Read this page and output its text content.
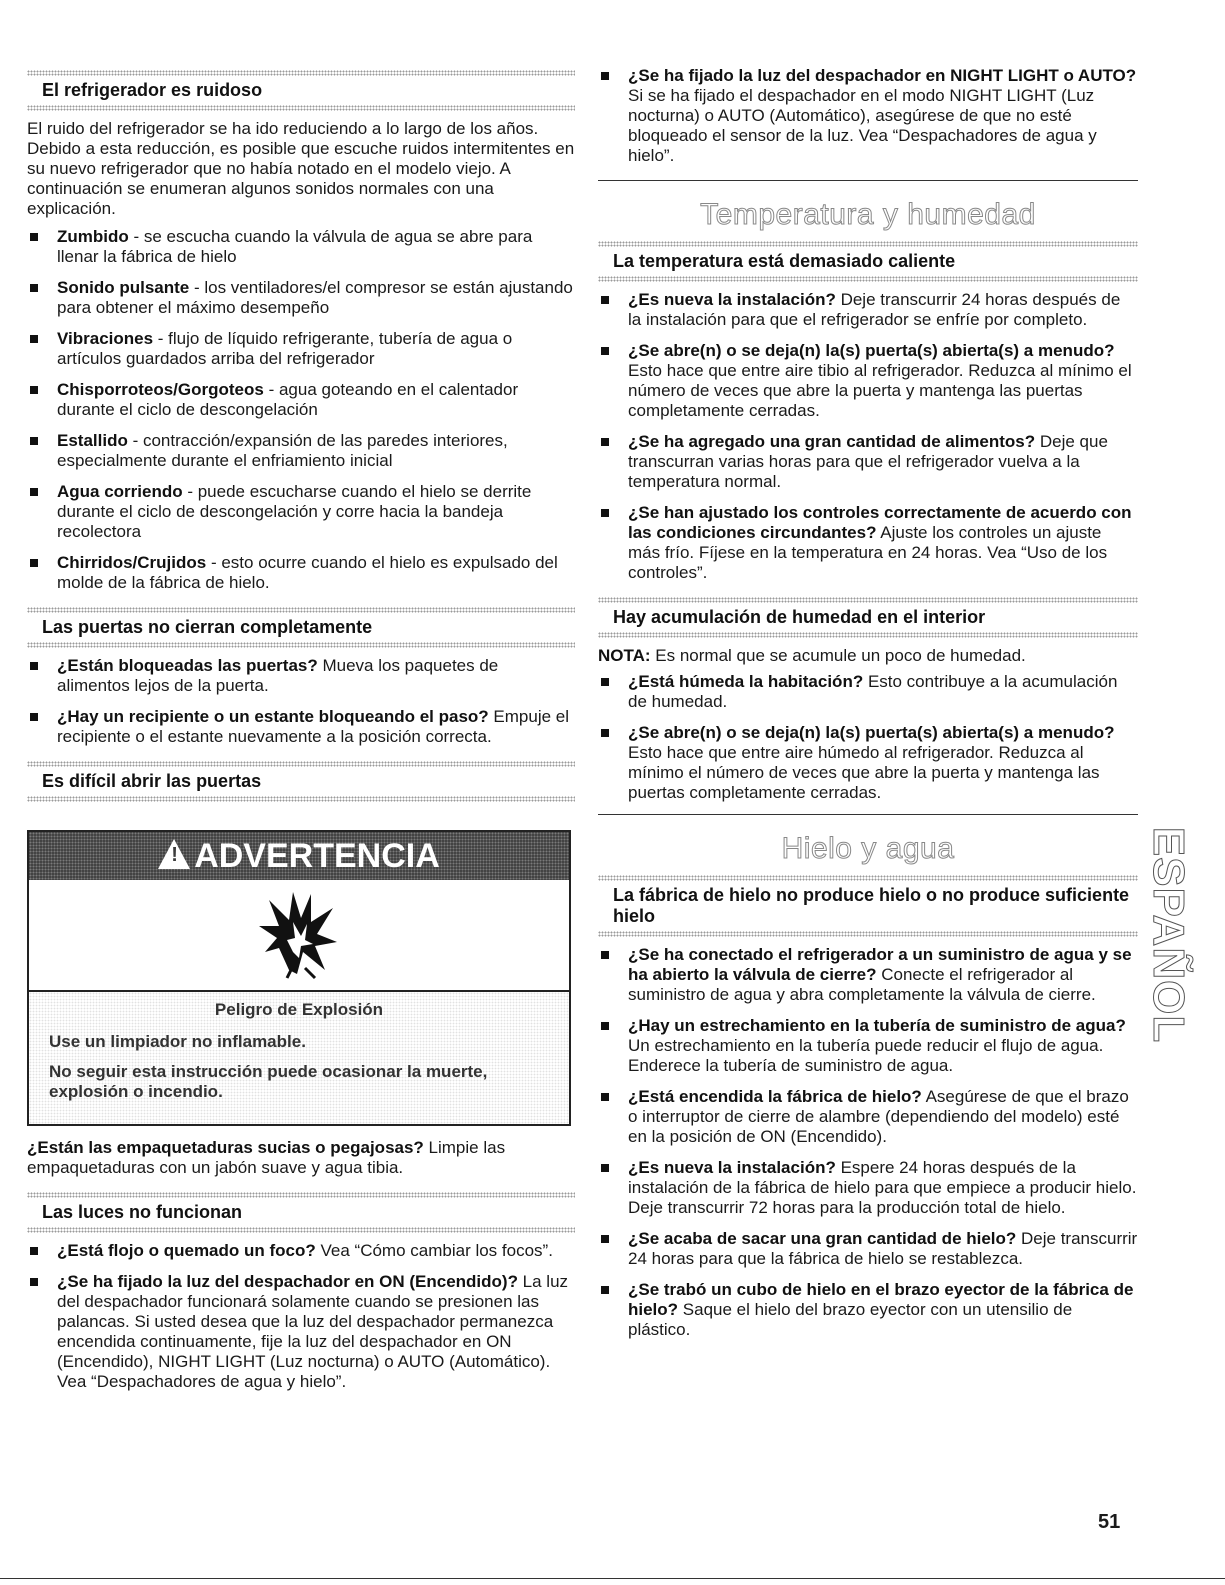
El refrigerador es ruidoso

El ruido del refrigerador se ha ido reduciendo a lo largo de los años. Debido a esta reducción, es posible que escuche ruidos intermitentes en su nuevo refrigerador que no había notado en el modelo viejo. A continuación se enumeran algunos sonidos normales con una explicación.

Zumbido - se escucha cuando la válvula de agua se abre para llenar la fábrica de hielo
Sonido pulsante - los ventiladores/el compresor se están ajustando para obtener el máximo desempeño
Vibraciones - flujo de líquido refrigerante, tubería de agua o artículos guardados arriba del refrigerador
Chisporroteos/Gorgoteos - agua goteando en el calentador durante el ciclo de descongelación
Estallido - contracción/expansión de las paredes interiores, especialmente durante el enfriamiento inicial
Agua corriendo - puede escucharse cuando el hielo se derrite durante el ciclo de descongelación y corre hacia la bandeja recolectora
Chirridos/Crujidos - esto ocurre cuando el hielo es expulsado del molde de la fábrica de hielo.
Las puertas no cierran completamente
¿Están bloqueadas las puertas? Mueva los paquetes de alimentos lejos de la puerta.
¿Hay un recipiente o un estante bloqueando el paso? Empuje el recipiente o el estante nuevamente a la posición correcta.
Es difícil abrir las puertas
! ADVERTENCIA

Peligro de Explosión

Use un limpiador no inflamable.

No seguir esta instrucción puede ocasionar la muerte, explosión o incendio.

¿Están las empaquetaduras sucias o pegajosas? Limpie las empaquetaduras con un jabón suave y agua tibia.

Las luces no funcionan
¿Está flojo o quemado un foco? Vea “Cómo cambiar los focos”.
¿Se ha fijado la luz del despachador en ON (Encendido)? La luz del despachador funcionará solamente cuando se presionen las palancas. Si usted desea que la luz del despachador permanezca encendida continuamente, fije la luz del despachador en ON (Encendido), NIGHT LIGHT (Luz nocturna) o AUTO (Automático). Vea “Despachadores de agua y hielo”.
¿Se ha fijado la luz del despachador en NIGHT LIGHT o AUTO? Si se ha fijado el despachador en el modo NIGHT LIGHT (Luz nocturna) o AUTO (Automático), asegúrese de que no esté bloqueado el sensor de la luz. Vea “Despachadores de agua y hielo”.
Temperatura y humedad
La temperatura está demasiado caliente
¿Es nueva la instalación? Deje transcurrir 24 horas después de la instalación para que el refrigerador se enfríe por completo.
¿Se abre(n) o se deja(n) la(s) puerta(s) abierta(s) a menudo? Esto hace que entre aire tibio al refrigerador. Reduzca al mínimo el número de veces que abre la puerta y mantenga las puertas completamente cerradas.
¿Se ha agregado una gran cantidad de alimentos? Deje que transcurran varias horas para que el refrigerador vuelva a la temperatura normal.
¿Se han ajustado los controles correctamente de acuerdo con las condiciones circundantes? Ajuste los controles un ajuste más frío. Fíjese en la temperatura en 24 horas. Vea “Uso de los controles”.
Hay acumulación de humedad en el interior

NOTA: Es normal que se acumule un poco de humedad.

¿Está húmeda la habitación? Esto contribuye a la acumulación de humedad.
¿Se abre(n) o se deja(n) la(s) puerta(s) abierta(s) a menudo? Esto hace que entre aire húmedo al refrigerador. Reduzca al mínimo el número de veces que abre la puerta y mantenga las puertas completamente cerradas.
Hielo y agua
La fábrica de hielo no produce hielo o no produce suficiente hielo
¿Se ha conectado el refrigerador a un suministro de agua y se ha abierto la válvula de cierre? Conecte el refrigerador al suministro de agua y abra completamente la válvula de cierre.
¿Hay un estrechamiento en la tubería de suministro de agua? Un estrechamiento en la tubería puede reducir el flujo de agua. Enderece la tubería de suministro de agua.
¿Está encendida la fábrica de hielo? Asegúrese de que el brazo o interruptor de cierre de alambre (dependiendo del modelo) esté en la posición de ON (Encendido).
¿Es nueva la instalación? Espere 24 horas después de la instalación de la fábrica de hielo para que empiece a producir hielo. Deje transcurrir 72 horas para la producción total de hielo.
¿Se acaba de sacar una gran cantidad de hielo? Deje transcurrir 24 horas para que la fábrica de hielo se restablezca.
¿Se trabó un cubo de hielo en el brazo eyector de la fábrica de hielo? Saque el hielo del brazo eyector con un utensilio de plástico.
ESPAÑOL
51
